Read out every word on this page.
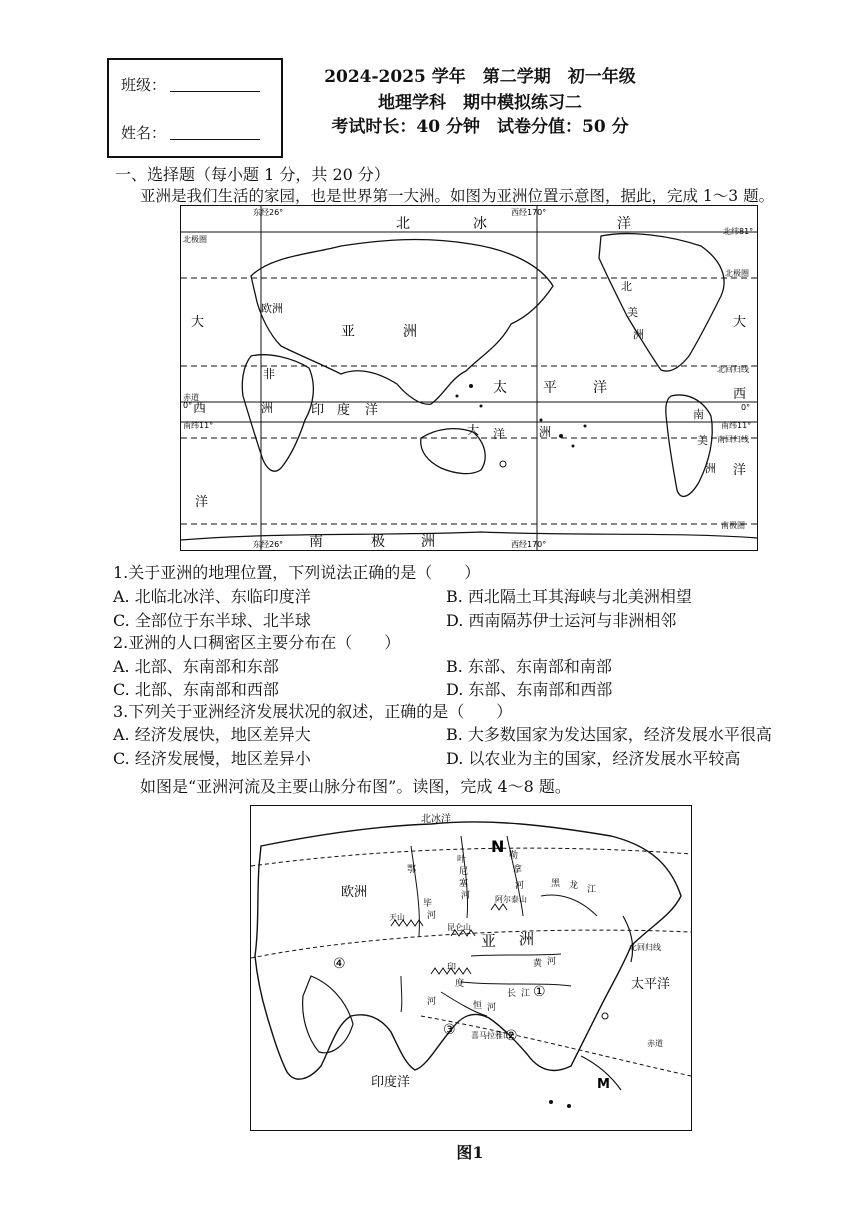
班级：
姓名：
2024-2025 学年　第二学期　初一年级
地理学科　期中模拟练习二
考试时长：40 分钟　试卷分值：50 分
一、选择题（每小题 1 分，共 20 分）
亚洲是我们生活的家园，也是世界第一大洲。如图为亚洲位置示意图，据此，完成 1～3 题。
东经26°	西经170°
东经26°	西经170°
北	冰	洋
南	极	洲
欧洲
亚	洲
非
洲	印 度 洋
太	平	洋
大 洋	洲
北
美
洲
南
美
洲
大
西
洋
大
西
洋
北极圈
北极圈
北回归线
赤道
0°	0°
南纬11°	南纬11°
南回归线
南极圈
北纬81°
1.关于亚洲的地理位置，下列说法正确的是（　　）
A. 北临北冰洋、东临印度洋	B. 西北隔土耳其海峡与北美洲相望
C. 全部位于东半球、北半球	D. 西南隔苏伊士运河与非洲相邻
2.亚洲的人口稠密区主要分布在（　　）
A. 北部、东南部和东部	B. 东部、东南部和南部
C. 北部、东南部和西部	D. 东部、东南部和西部
3.下列关于亚洲经济发展状况的叙述，正确的是（　　）
A. 经济发展快，地区差异大	B. 大多数国家为发达国家，经济发展水平很高
C. 经济发展慢，地区差异小	D. 以农业为主的国家，经济发展水平较高
如图是“亚洲河流及主要山脉分布图”。读图，完成 4～8 题。
北冰洋
N
欧洲
亚 洲
印度洋
太平洋
北回归线
赤道
①
②
③
④
M
鄂
毕
河
叶
尼
塞
河
勒
拿
河	黑 龙 江
黄 河
长 江
恒 河
印
度
河
喜马拉雅山
阿尔泰山
昆仑山
天山
图1
